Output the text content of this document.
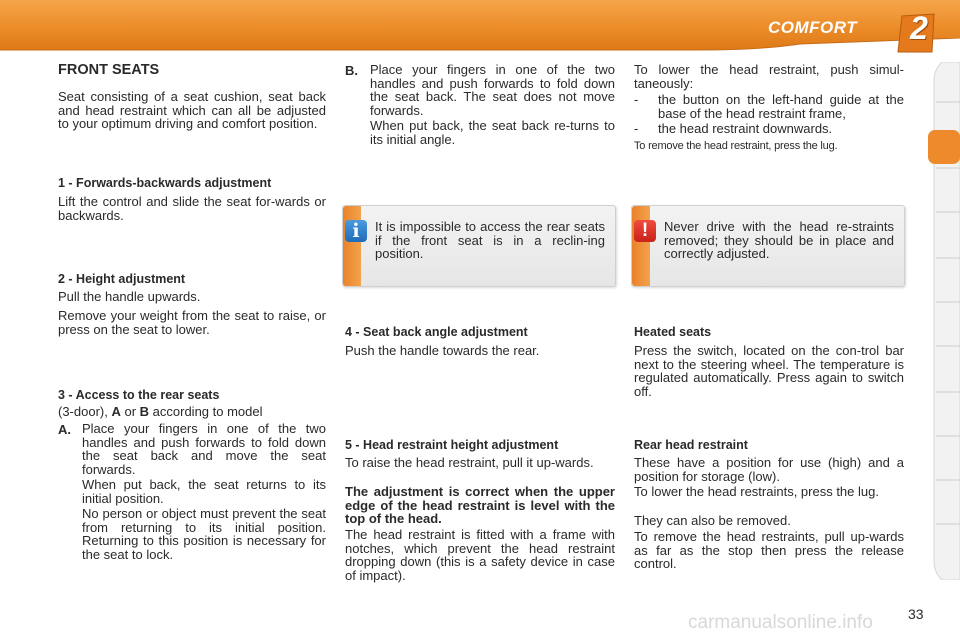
COMFORT 2
FRONT SEATS

Seat consisting of a seat cushion, seat back and head restraint which can all be adjusted to your optimum driving and comfort position.

1 - Forwards-backwards adjustment

Lift the control and slide the seat for-wards or backwards.

2 - Height adjustment

Pull the handle upwards.

Remove your weight from the seat to raise, or press on the seat to lower.

3 - Access to the rear seats

(3-door), A or B according to model

A. Place your fingers in one of the two handles and push forwards to fold down the seat back and move the seat forwards.

When put back, the seat returns to its initial position.

No person or object must prevent the seat from returning to its initial position. Returning to this position is necessary for the seat to lock.

B. Place your fingers in one of the two handles and push forwards to fold down the seat back. The seat does not move forwards.

When put back, the seat back re-turns to its initial angle.

i	It is impossible to access the rear seats if the front seat is in a reclin-ing position.

4 - Seat back angle adjustment

Push the handle towards the rear.

5 - Head restraint height adjustment

To raise the head restraint, pull it up-wards.

The adjustment is correct when the upper edge of the head restraint is level with the top of the head.

The head restraint is fitted with a frame with notches, which prevent the head restraint dropping down (this is a safety device in case of impact).

To lower the head restraint, push simul-taneously:

- the button on the left-hand guide at the base of the head restraint frame,

- the head restraint downwards.

To remove the head restraint, press the lug.

!	Never drive with the head re-straints removed; they should be in place and correctly adjusted.

Heated seats

Press the switch, located on the con-trol bar next to the steering wheel. The temperature is regulated automatically. Press again to switch off.

Rear head restraint

These have a position for use (high) and a position for storage (low).

To lower the head restraints, press the lug.

They can also be removed.

To remove the head restraints, pull up-wards as far as the stop then press the release control.

carmanualsonline.info	33
